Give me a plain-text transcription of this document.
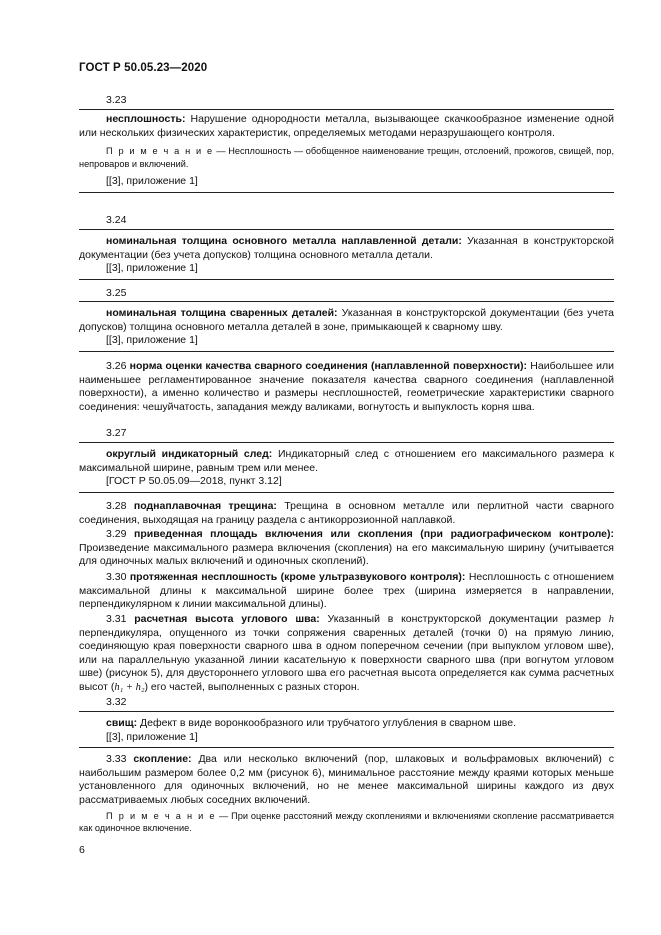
ГОСТ Р 50.05.23—2020
3.23

несплошность: Нарушение однородности металла, вызывающее скачкообразное изменение одной или нескольких физических характеристик, определяемых методами неразрушающего контроля.

П р и м е ч а н и е — Несплошность — обобщенное наименование трещин, отслоений, прожогов, свищей, пор, непроваров и включений.

[[3], приложение 1]

3.24

номинальная толщина основного металла наплавленной детали: Указанная в конструкторской документации (без учета допусков) толщина основного металла детали.

[[3], приложение 1]

3.25

номинальная толщина сваренных деталей: Указанная в конструкторской документации (без учета допусков) толщина основного металла деталей в зоне, примыкающей к сварному шву.

[[3], приложение 1]

3.26 норма оценки качества сварного соединения (наплавленной поверхности): Наибольшее или наименьшее регламентированное значение показателя качества сварного соединения (наплавленной поверхности), а именно количество и размеры несплошностей, геометрические характеристики сварного соединения: чешуйчатость, западания между валиками, вогнутость и выпуклость корня шва.
3.27

округлый индикаторный след: Индикаторный след с отношением его максимального размера к максимальной ширине, равным трем или менее.

[ГОСТ Р 50.05.09—2018, пункт 3.12]

3.28 поднаплавочная трещина: Трещина в основном металле или перлитной части сварного соединения, выходящая на границу раздела с антикоррозионной наплавкой.
3.29 приведенная площадь включения или скопления (при радиографическом контроле): Произведение максимального размера включения (скопления) на его максимальную ширину (учитывается для одиночных малых включений и одиночных скоплений).
3.30 протяженная несплошность (кроме ультразвукового контроля): Несплошность с отношением максимальной длины к максимальной ширине более трех (ширина измеряется в направлении, перпендикулярном к линии максимальной длины).
3.31 расчетная высота углового шва: Указанный в конструкторской документации размер h перпендикуляра, опущенного из точки сопряжения сваренных деталей (точки 0) на прямую линию, соединяющую края поверхности сварного шва в одном поперечном сечении (при выпуклом угловом шве), или на параллельную указанной линии касательную к поверхности сварного шва (при вогнутом угловом шве) (рисунок 5), для двустороннего углового шва его расчетная высота определяется как сумма расчетных высот (h₁ + h₂) его частей, выполненных с разных сторон.
3.32

свищ: Дефект в виде воронкообразного или трубчатого углубления в сварном шве.

[[3], приложение 1]

3.33 скопление: Два или несколько включений (пор, шлаковых и вольфрамовых включений) с наибольшим размером более 0,2 мм (рисунок 6), минимальное расстояние между краями которых меньше установленного для одиночных включений, но не менее максимальной ширины каждого из двух рассматриваемых любых соседних включений.
П р и м е ч а н и е — При оценке расстояний между скоплениями и включениями скопление рассматривается как одиночное включение.
6
